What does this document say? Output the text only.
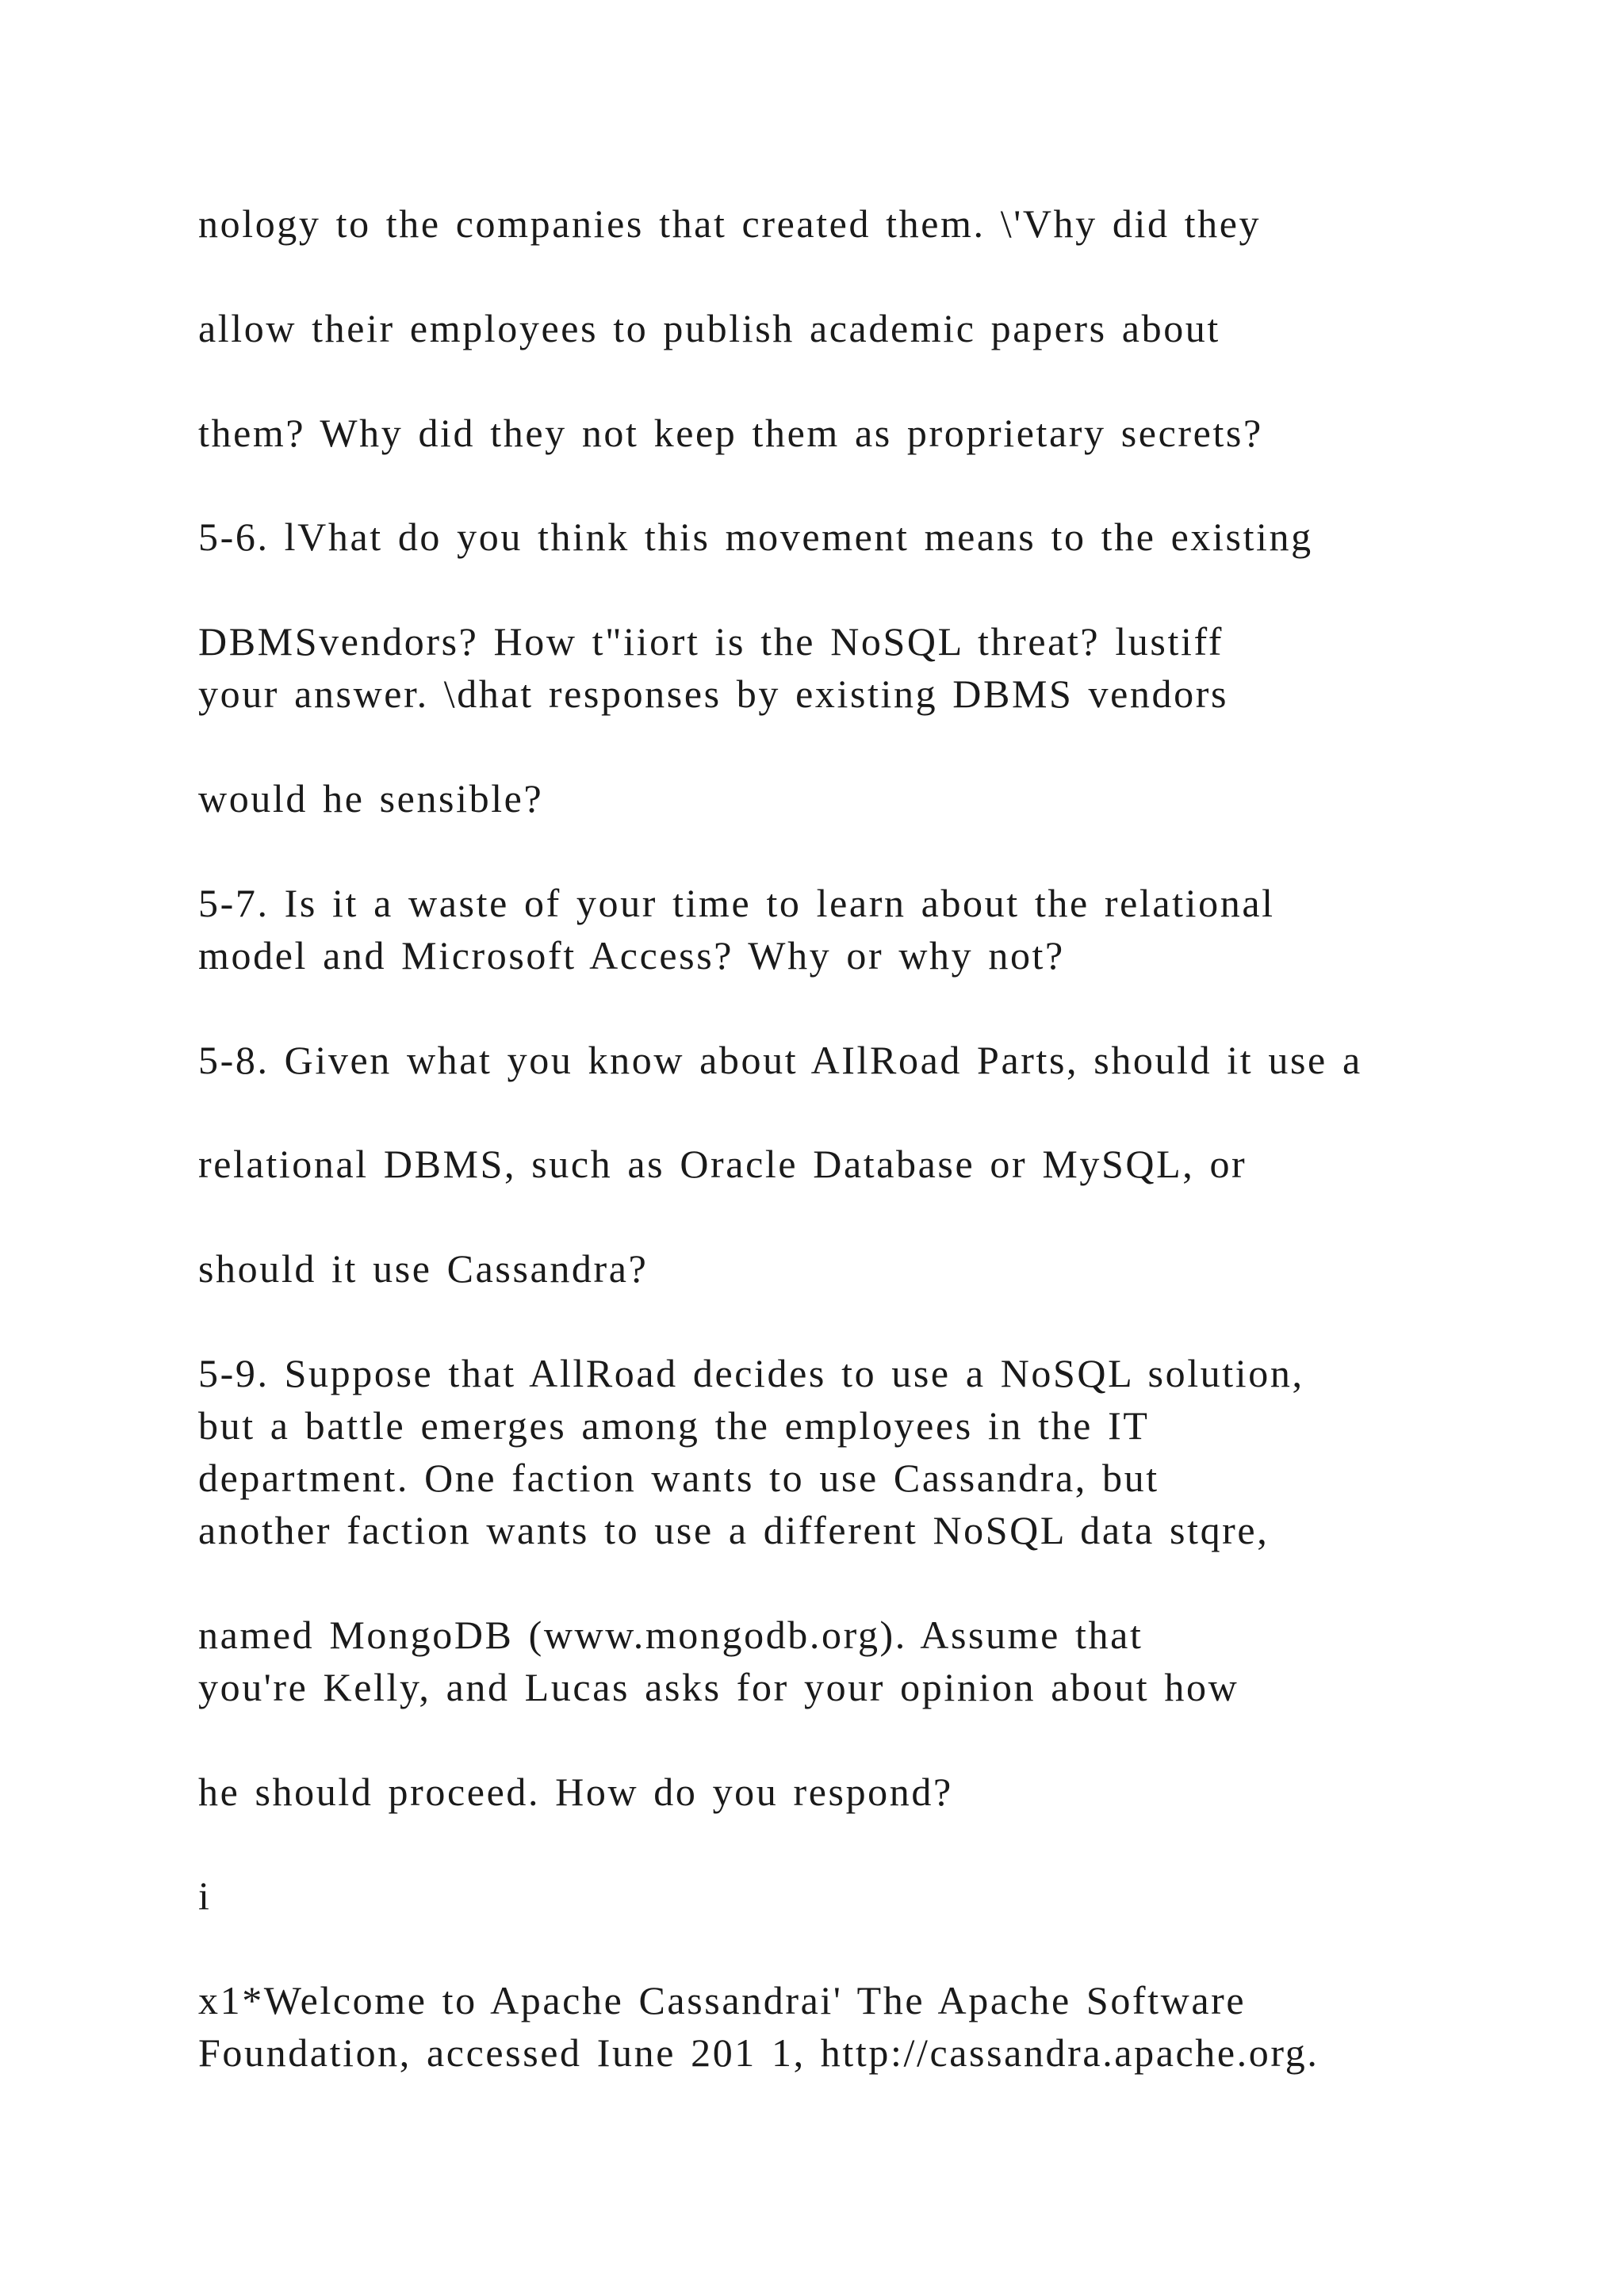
nology to the companies that created them. \'Vhy did they

allow their employees to publish academic papers about

them? Why did they not keep them as proprietary secrets?

5-6. lVhat do you think this movement means to the existing

DBMSvendors? How t"iiort is the NoSQL threat? lustiff

your answer. \dhat responses by existing DBMS vendors

would he sensible?

5-7. Is it a waste of your time to learn about the relational

model and Microsoft Access? Why or why not?

5-8. Given what you know about AIlRoad Parts, should it use a

relational DBMS, such as Oracle Database or MySQL, or

should it use Cassandra?

5-9. Suppose that AllRoad decides to use a NoSQL solution,

but a battle emerges among the employees in the IT

department. One faction wants to use Cassandra, but

another faction wants to use a different NoSQL data stqre,

named MongoDB (www.mongodb.org). Assume that

you're Kelly, and Lucas asks for your opinion about how

he should proceed. How do you respond?

i

x1*Welcome to Apache Cassandrai' The Apache Software

Foundation, accessed Iune 201 1, http://cassandra.apache.org.
